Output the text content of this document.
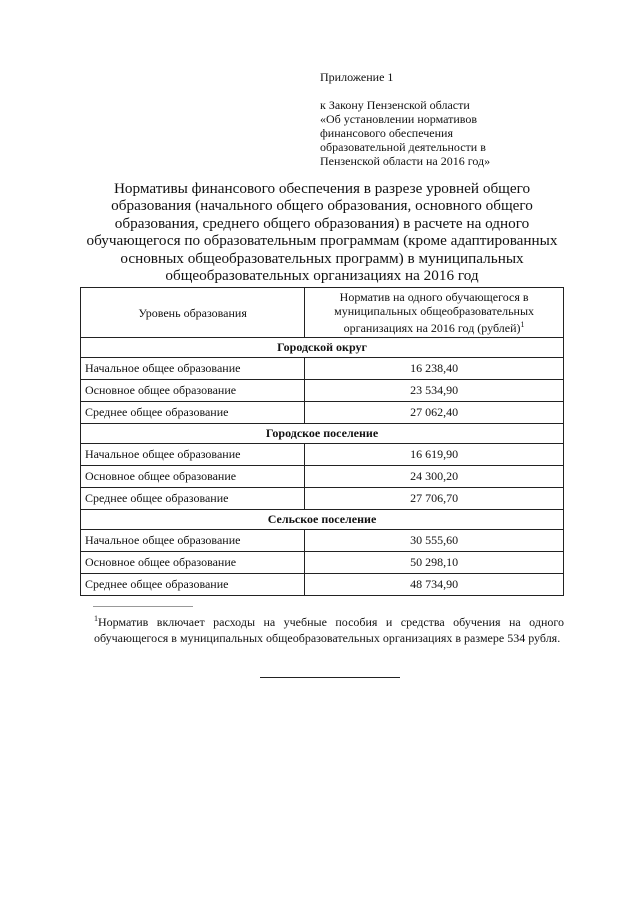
Приложение 1
к Закону Пензенской области
«Об установлении нормативов
финансового обеспечения
образовательной деятельности в
Пензенской области на 2016 год»
Нормативы финансового обеспечения в разрезе уровней общего
образования (начального общего образования, основного общего
образования, среднего общего образования) в расчете на одного
обучающегося по образовательным программам (кроме адаптированных
основных общеобразовательных программ) в муниципальных
общеобразовательных организациях на 2016 год
Уровень образования	Норматив на одного обучающегося в
муниципальных общеобразовательных
организациях на 2016 год (рублей)$^1$
Городской округ	
Начальное общее образование	16 238,40
Основное общее образование	23 534,90
Среднее общее образование	27 062,40
Городское поселение	
Начальное общее образование	16 619,90
Основное общее образование	24 300,20
Среднее общее образование	27 706,70
Сельское поселение	
Начальное общее образование	30 555,60
Основное общее образование	50 298,10
Среднее общее образование	48 734,90
$^1$Норматив включает расходы на учебные пособия и средства обучения на одного обучающегося в муниципальных общеобразовательных организациях в размере 534 рубля.
